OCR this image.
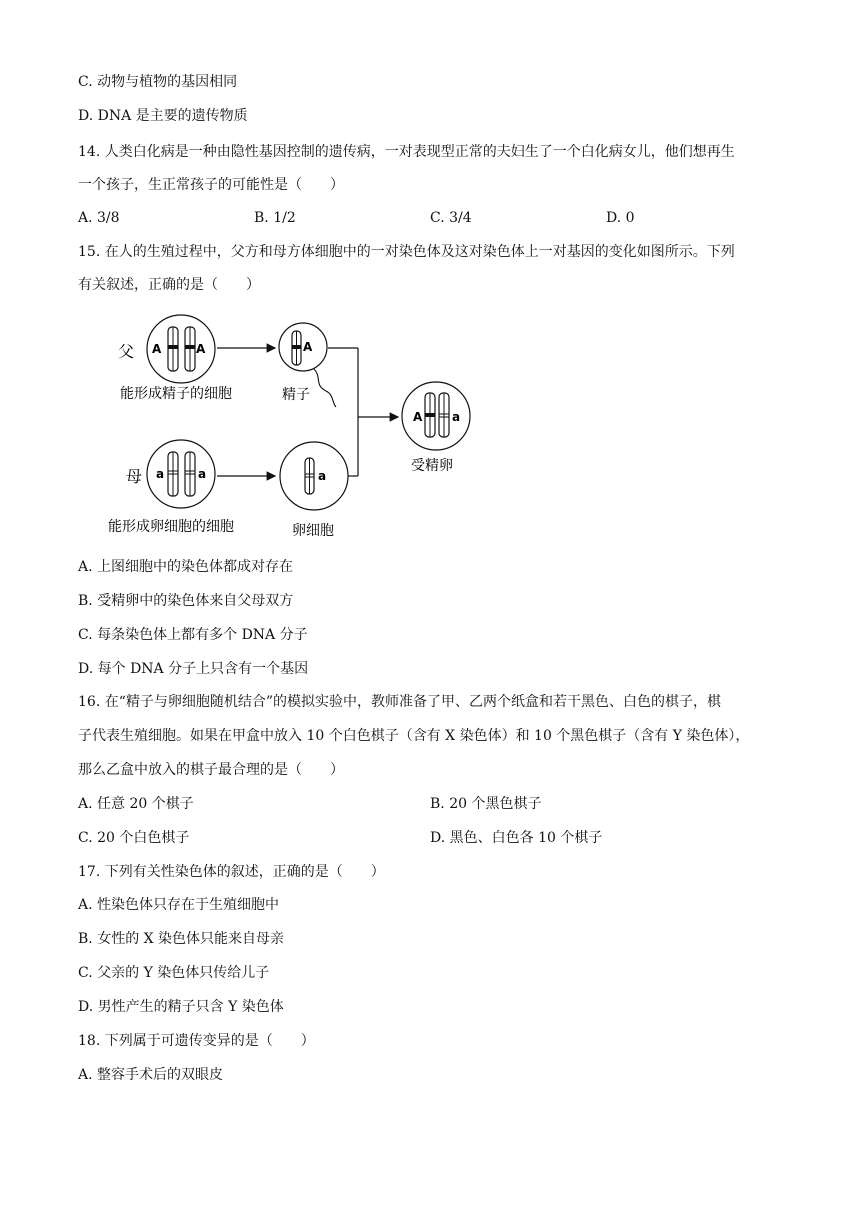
C. 动物与植物的基因相同
D. DNA 是主要的遗传物质
14. 人类白化病是一种由隐性基因控制的遗传病，一对表现型正常的夫妇生了一个白化病女儿，他们想再生
一个孩子，生正常孩子的可能性是（　　）
A. 3/8	B. 1/2	C. 3/4	D. 0
15. 在人的生殖过程中，父方和母方体细胞中的一对染色体及这对染色体上一对基因的变化如图所示。下列
有关叙述，正确的是（　　）
父 A	A
能形成精子的细胞
A
精子
A a
受精卵
母 a	a
能形成卵细胞的细胞
a
卵细胞
A. 上图细胞中的染色体都成对存在
B. 受精卵中的染色体来自父母双方
C. 每条染色体上都有多个 DNA 分子
D. 每个 DNA 分子上只含有一个基因
16. 在“精子与卵细胞随机结合”的模拟实验中，教师准备了甲、乙两个纸盒和若干黑色、白色的棋子，棋
子代表生殖细胞。如果在甲盒中放入 10 个白色棋子（含有 X 染色体）和 10 个黑色棋子（含有 Y 染色体），
那么乙盒中放入的棋子最合理的是（　　）
A. 任意 20 个棋子	B. 20 个黑色棋子
C. 20 个白色棋子	D. 黑色、白色各 10 个棋子
17. 下列有关性染色体的叙述，正确的是（　　）
A. 性染色体只存在于生殖细胞中
B. 女性的 X 染色体只能来自母亲
C. 父亲的 Y 染色体只传给儿子
D. 男性产生的精子只含 Y 染色体
18. 下列属于可遗传变异的是（　　）
A. 整容手术后的双眼皮
